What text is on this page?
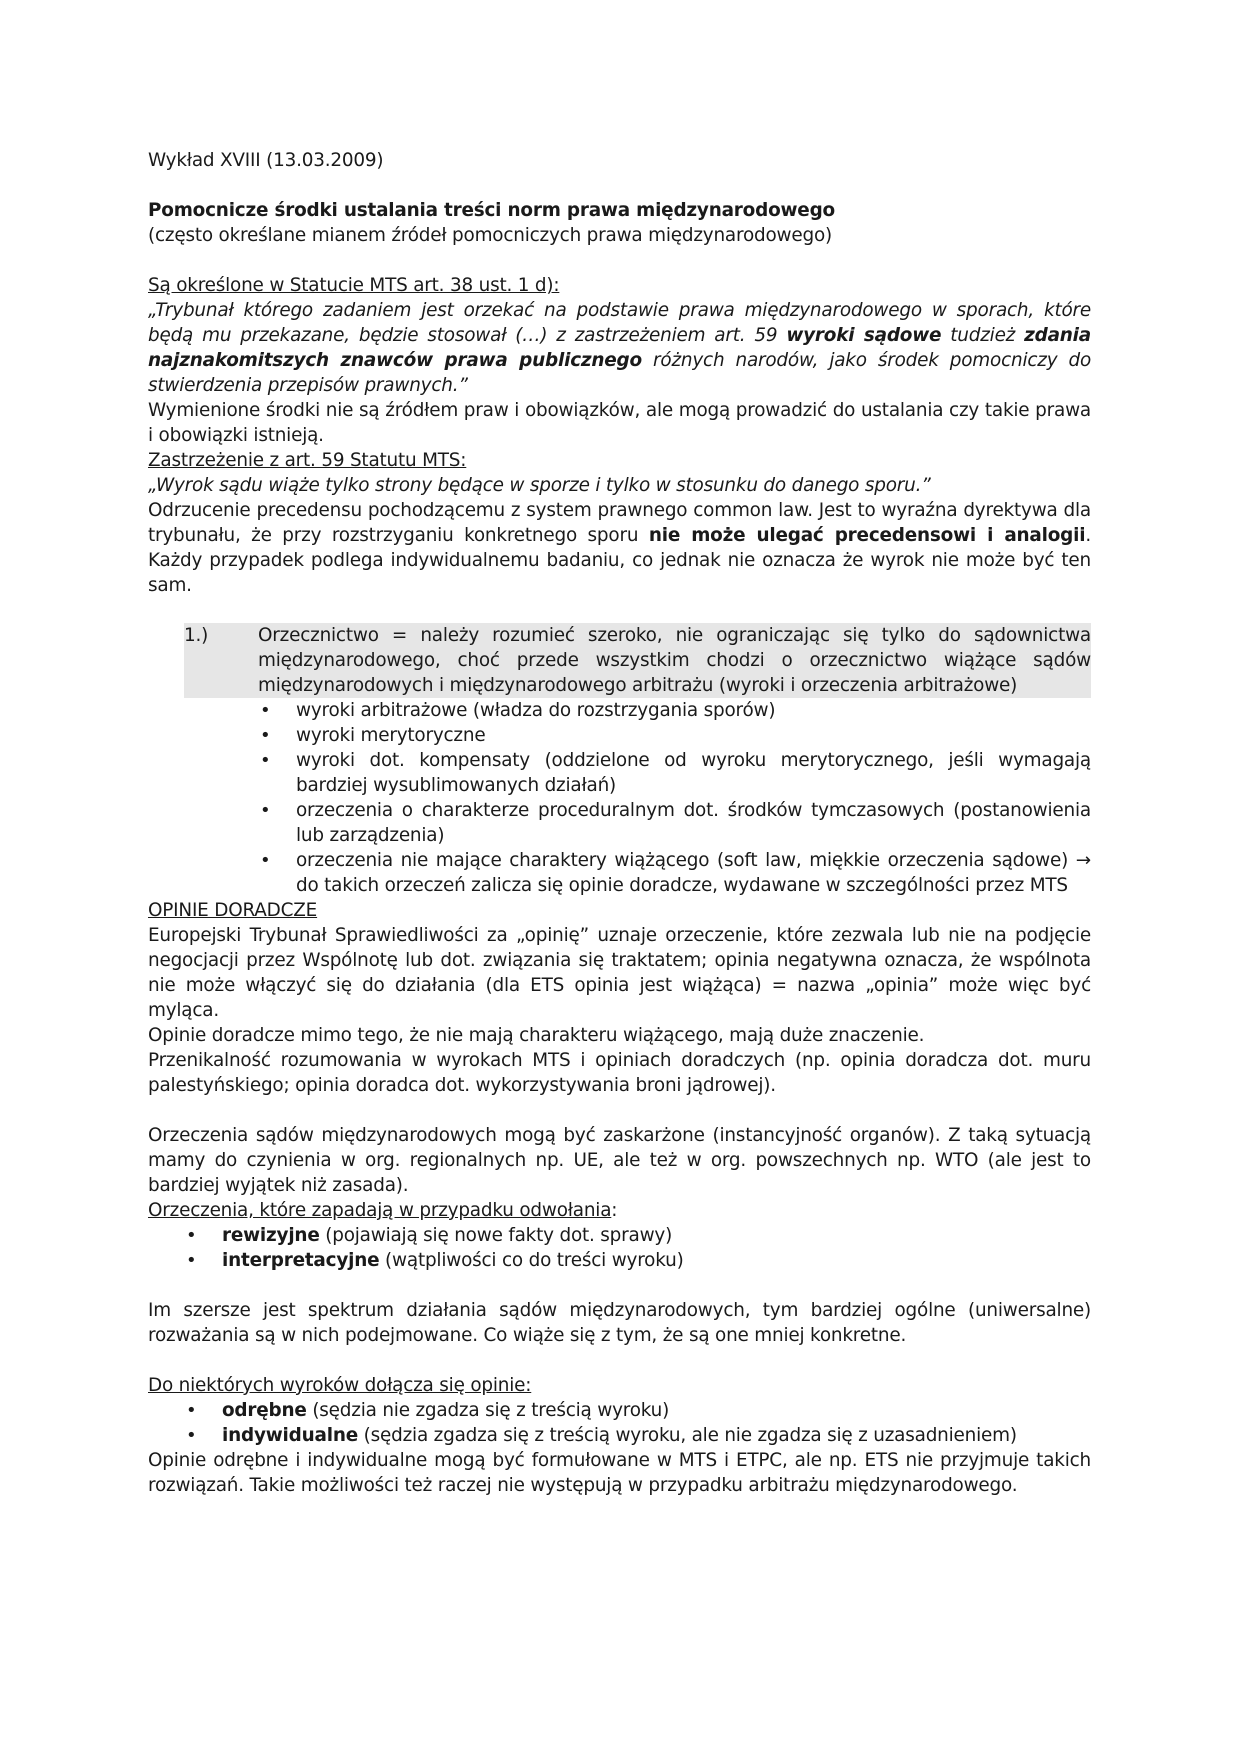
Wykład XVIII (13.03.2009)

Pomocnicze środki ustalania treści norm prawa międzynarodowego

(często określane mianem źródeł pomocniczych prawa międzynarodowego)

Są określone w Statucie MTS art. 38 ust. 1 d):

„Trybunał którego zadaniem jest orzekać na podstawie prawa międzynarodowego w sporach, które będą mu przekazane, będzie stosował (…) z zastrzeżeniem art. 59 wyroki sądowe tudzież zdania najznakomitszych znawców prawa publicznego różnych narodów, jako środek pomocniczy do stwierdzenia przepisów prawnych.”

Wymienione środki nie są źródłem praw i obowiązków, ale mogą prowadzić do ustalania czy takie prawa i obowiązki istnieją.

Zastrzeżenie z art. 59 Statutu MTS:

„Wyrok sądu wiąże tylko strony będące w sporze i tylko w stosunku do danego sporu.”

Odrzucenie precedensu pochodzącemu z system prawnego common law. Jest to wyraźna dyrektywa dla trybunału, że przy rozstrzyganiu konkretnego sporu nie może ulegać precedensowi i analogii. Każdy przypadek podlega indywidualnemu badaniu, co jednak nie oznacza że wyrok nie może być ten sam.

1.)	Orzecznictwo = należy rozumieć szeroko, nie ograniczając się tylko do sądownictwa międzynarodowego, choć przede wszystkim chodzi o orzecznictwo wiążące sądów międzynarodowych i międzynarodowego arbitrażu (wyroki i orzeczenia arbitrażowe)
• wyroki arbitrażowe (władza do rozstrzygania sporów)
• wyroki merytoryczne
• wyroki dot. kompensaty (oddzielone od wyroku merytorycznego, jeśli wymagają bardziej wysublimowanych działań)
• orzeczenia o charakterze proceduralnym dot. środków tymczasowych (postanowienia lub zarządzenia)
• orzeczenia nie mające charaktery wiążącego (soft law, miękkie orzeczenia sądowe) → do takich orzeczeń zalicza się opinie doradcze, wydawane w szczególności przez MTS

OPINIE DORADCZE

Europejski Trybunał Sprawiedliwości za „opinię” uznaje orzeczenie, które zezwala lub nie na podjęcie negocjacji przez Wspólnotę lub dot. związania się traktatem; opinia negatywna oznacza, że wspólnota nie może włączyć się do działania (dla ETS opinia jest wiążąca) = nazwa „opinia” może więc być myląca.

Opinie doradcze mimo tego, że nie mają charakteru wiążącego, mają duże znaczenie.

Przenikalność rozumowania w wyrokach MTS i opiniach doradczych (np. opinia doradcza dot. muru palestyńskiego; opinia doradca dot. wykorzystywania broni jądrowej).

Orzeczenia sądów międzynarodowych mogą być zaskarżone (instancyjność organów). Z taką sytuacją mamy do czynienia w org. regionalnych np. UE, ale też w org. powszechnych np. WTO (ale jest to bardziej wyjątek niż zasada).

Orzeczenia, które zapadają w przypadku odwołania:

• rewizyjne (pojawiają się nowe fakty dot. sprawy)
• interpretacyjne (wątpliwości co do treści wyroku)

Im szersze jest spektrum działania sądów międzynarodowych, tym bardziej ogólne (uniwersalne) rozważania są w nich podejmowane. Co wiąże się z tym, że są one mniej konkretne.

Do niektórych wyroków dołącza się opinie:

• odrębne (sędzia nie zgadza się z treścią wyroku)
• indywidualne (sędzia zgadza się z treścią wyroku, ale nie zgadza się z uzasadnieniem)

Opinie odrębne i indywidualne mogą być formułowane w MTS i ETPC, ale np. ETS nie przyjmuje takich rozwiązań. Takie możliwości też raczej nie występują w przypadku arbitrażu międzynarodowego.
